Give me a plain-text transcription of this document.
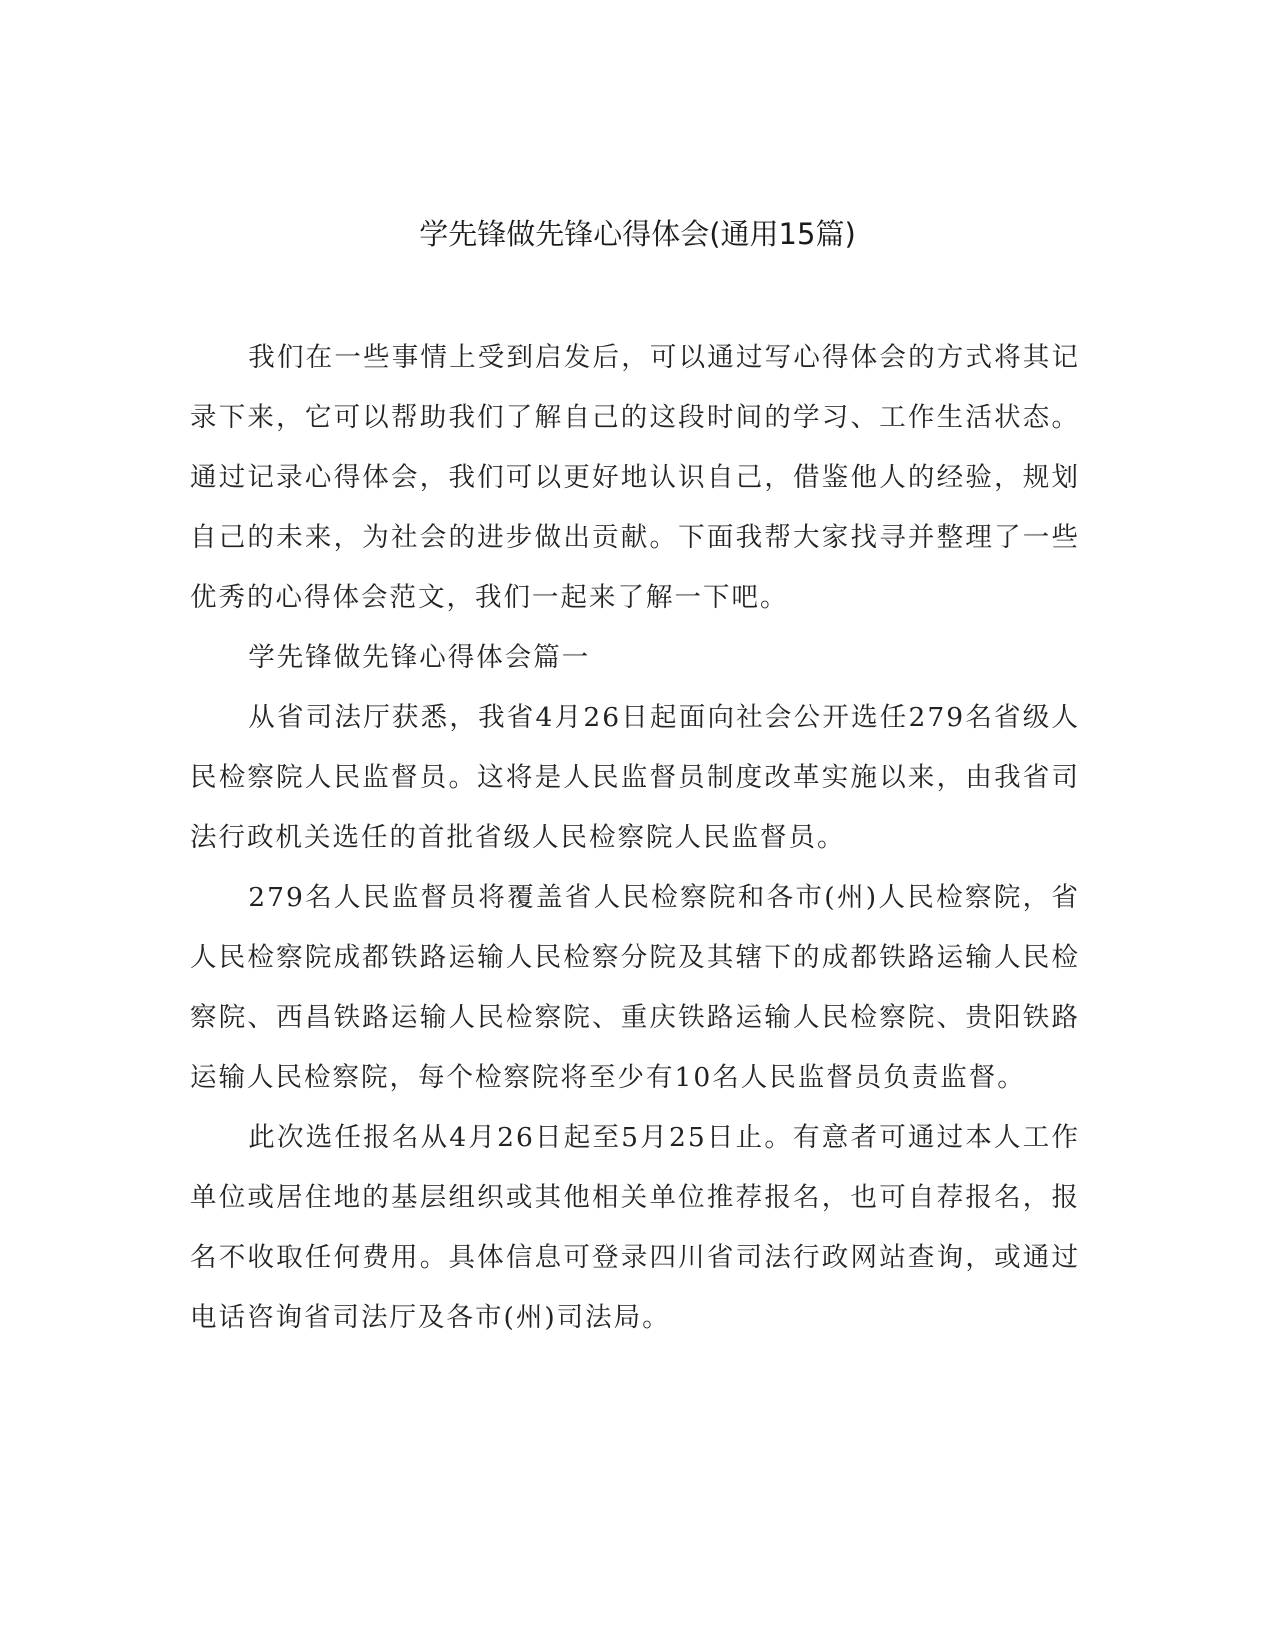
学先锋做先锋心得体会(通用15篇)

我们在一些事情上受到启发后，可以通过写心得体会的方式将其记录下来，它可以帮助我们了解自己的这段时间的学习、工作生活状态。通过记录心得体会，我们可以更好地认识自己，借鉴他人的经验，规划自己的未来，为社会的进步做出贡献。下面我帮大家找寻并整理了一些优秀的心得体会范文，我们一起来了解一下吧。

学先锋做先锋心得体会篇一

从省司法厅获悉，我省4月26日起面向社会公开选任279名省级人民检察院人民监督员。这将是人民监督员制度改革实施以来，由我省司法行政机关选任的首批省级人民检察院人民监督员。

279名人民监督员将覆盖省人民检察院和各市(州)人民检察院，省人民检察院成都铁路运输人民检察分院及其辖下的成都铁路运输人民检察院、西昌铁路运输人民检察院、重庆铁路运输人民检察院、贵阳铁路运输人民检察院，每个检察院将至少有10名人民监督员负责监督。

此次选任报名从4月26日起至5月25日止。有意者可通过本人工作单位或居住地的基层组织或其他相关单位推荐报名，也可自荐报名，报名不收取任何费用。具体信息可登录四川省司法行政网站查询，或通过电话咨询省司法厅及各市(州)司法局。
